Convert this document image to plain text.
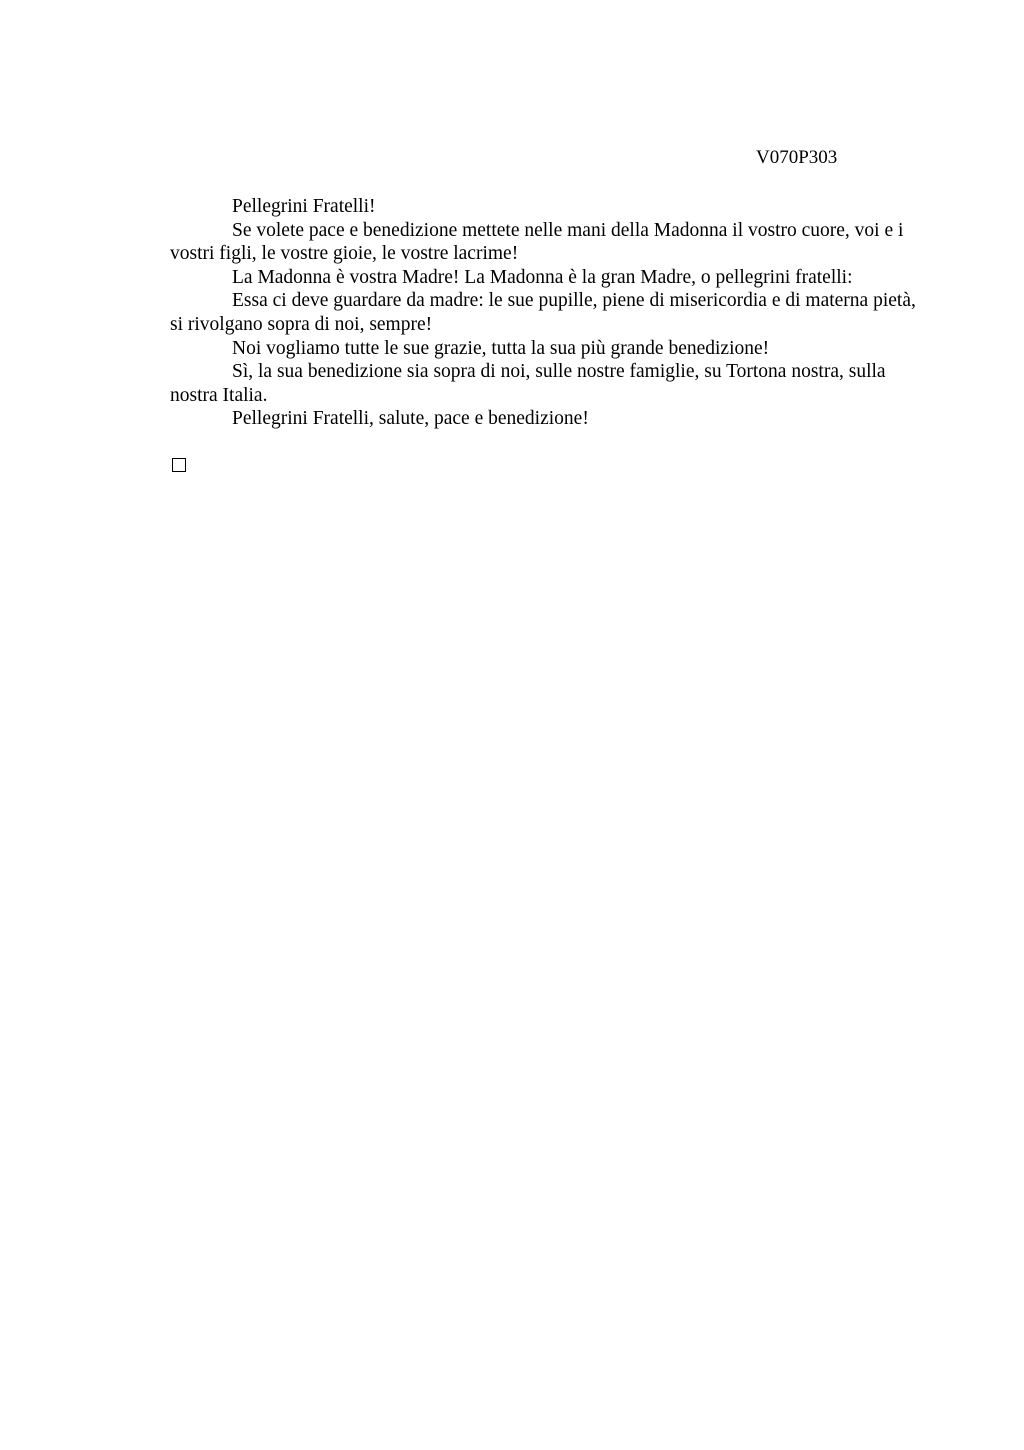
V070P303

Pellegrini Fratelli!

Se volete pace e benedizione mettete nelle mani della Madonna il vostro cuore, voi e i vostri figli, le vostre gioie, le vostre lacrime!

La Madonna è vostra Madre! La Madonna è la gran Madre, o pellegrini fratelli:

Essa ci deve guardare da madre: le sue pupille, piene di misericordia e di materna pietà, si rivolgano sopra di noi, sempre!

Noi vogliamo tutte le sue grazie, tutta la sua più grande benedizione!

Sì, la sua benedizione sia sopra di noi, sulle nostre famiglie, su Tortona nostra, sulla nostra Italia.

Pellegrini Fratelli, salute, pace e benedizione!
